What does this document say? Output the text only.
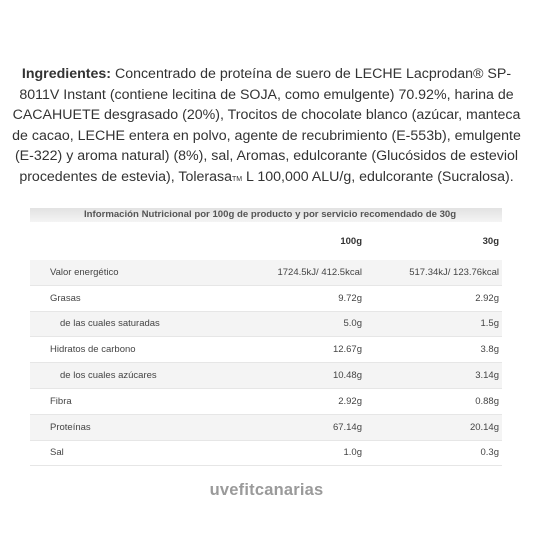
Ingredientes: Concentrado de proteína de suero de LECHE Lacprodan® SP-8011V Instant (contiene lecitina de SOJA, como emulgente) 70.92%, harina de CACAHUETE desgrasado (20%), Trocitos de chocolate blanco (azúcar, manteca de cacao, LECHE entera en polvo, agente de recubrimiento (E-553b), emulgente (E-322) y aroma natural) (8%), sal, Aromas, edulcorante (Glucósidos de esteviol procedentes de estevia), TolerasaTM L 100,000 ALU/g, edulcorante (Sucralosa).
Información Nutricional por 100g de producto y por servicio recomendado de 30g
	100g	30g
Valor energético	1724.5kJ/ 412.5kcal	517.34kJ/ 123.76kcal
Grasas	9.72g	2.92g
de las cuales saturadas	5.0g	1.5g
Hidratos de carbono	12.67g	3.8g
de los cuales azúcares	10.48g	3.14g
Fibra	2.92g	0.88g
Proteínas	67.14g	20.14g
Sal	1.0g	0.3g
uvefitcanarias
